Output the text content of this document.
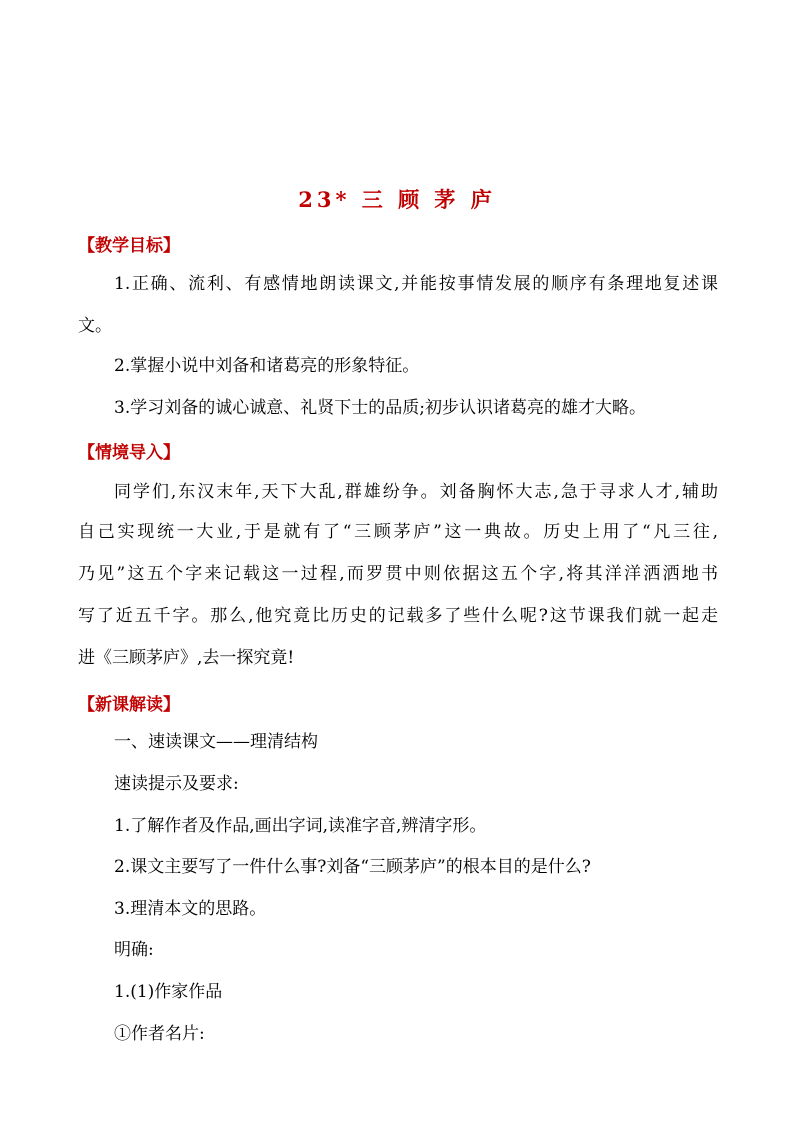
23* 三 顾 茅 庐
【教学目标】
1.正确、流利、有感情地朗读课文,并能按事情发展的顺序有条理地复述课
文。
2.掌握小说中刘备和诸葛亮的形象特征。
3.学习刘备的诚心诚意、礼贤下士的品质;初步认识诸葛亮的雄才大略。
【情境导入】
同学们,东汉末年,天下大乱,群雄纷争。刘备胸怀大志,急于寻求人才,辅助
自己实现统一大业,于是就有了“三顾茅庐”这一典故。历史上用了“凡三往,
乃见”这五个字来记载这一过程,而罗贯中则依据这五个字,将其洋洋洒洒地书
写了近五千字。那么,他究竟比历史的记载多了些什么呢?这节课我们就一起走
进《三顾茅庐》,去一探究竟!
【新课解读】
一、速读课文——理清结构
速读提示及要求:
1.了解作者及作品,画出字词,读准字音,辨清字形。
2.课文主要写了一件什么事?刘备“三顾茅庐”的根本目的是什么?
3.理清本文的思路。
明确:
1.(1)作家作品
①作者名片:
